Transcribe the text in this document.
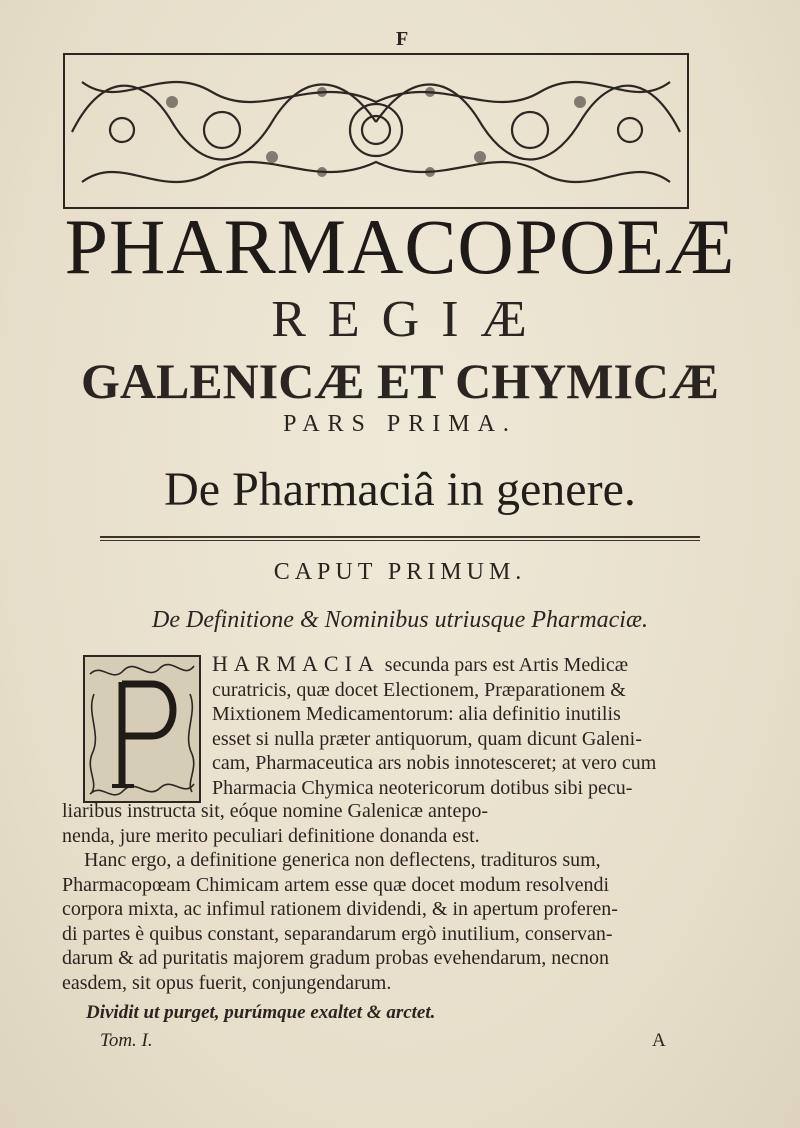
F
PHARMACOPOEÆ
REGIÆ
GALENICÆ ET CHYMICÆ
PARS PRIMA.
De Pharmaciâ in genere.
CAPUT PRIMUM.
De Definitione & Nominibus utriusque Pharmaciæ.
HARMACIA secunda pars est Artis Medicæ
curatricis, quæ docet Electionem, Præparationem &
Mixtionem Medicamentorum: alia definitio inutilis
esset si nulla præter antiquorum, quam dicunt Galeni-
cam, Pharmaceutica ars nobis innotesceret; at vero cum
Pharmacia Chymica neotericorum dotibus sibi pecu-
liaribus instructa sit, eóque nomine Galenicæ antepo-
nenda, jure merito peculiari definitione donanda est.
Hanc ergo, a definitione generica non deflectens, tradituros sum,
Pharmacopœam Chimicam artem esse quæ docet modum resolvendi
corpora mixta, ac infimul rationem dividendi, & in apertum proferen-
di partes è quibus constant, separandarum ergò inutilium, conservan-
darum & ad puritatis majorem gradum probas evehendarum, necnon
easdem, sit opus fuerit, conjungendarum.
Dividit ut purget, purúmque exaltet & arctet.
Tom. I.	A
